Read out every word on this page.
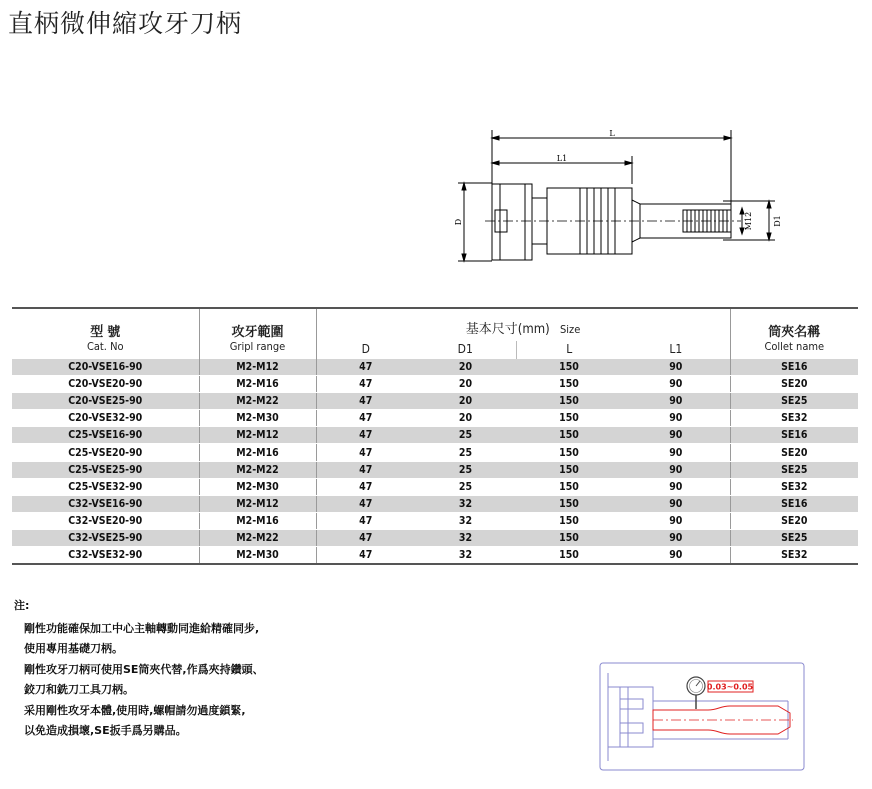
直柄微伸縮攻牙刀柄
L
L1
D	D1
M12
型 號
Cat. No	攻牙範圍
Gripl range	基本尺寸(mm) Size				筒夾名稱
Collet name

		D	D1	L	L1	
C20-VSE16-90	M2-M12	47	20	150	90	SE16
C20-VSE20-90	M2-M16	47	20	150	90	SE20
C20-VSE25-90	M2-M22	47	20	150	90	SE25
C20-VSE32-90	M2-M30	47	20	150	90	SE32
C25-VSE16-90	M2-M12	47	25	150	90	SE16
C25-VSE20-90	M2-M16	47	25	150	90	SE20
C25-VSE25-90	M2-M22	47	25	150	90	SE25
C25-VSE32-90	M2-M30	47	25	150	90	SE32
C32-VSE16-90	M2-M12	47	32	150	90	SE16
C32-VSE20-90	M2-M16	47	32	150	90	SE20
C32-VSE25-90	M2-M22	47	32	150	90	SE25
C32-VSE32-90	M2-M30	47	32	150	90	SE32
注:
剛性功能確保加工中心主軸轉動同進給精確同步,
使用專用基礎刀柄。
剛性攻牙刀柄可使用SE筒夾代替,作爲夾持鑽頭、
鉸刀和銑刀工具刀柄。
采用剛性攻牙本體,使用時,螺帽請勿過度鎖緊,
以免造成損壞,SE扳手爲另購品。
0.03~0.05
